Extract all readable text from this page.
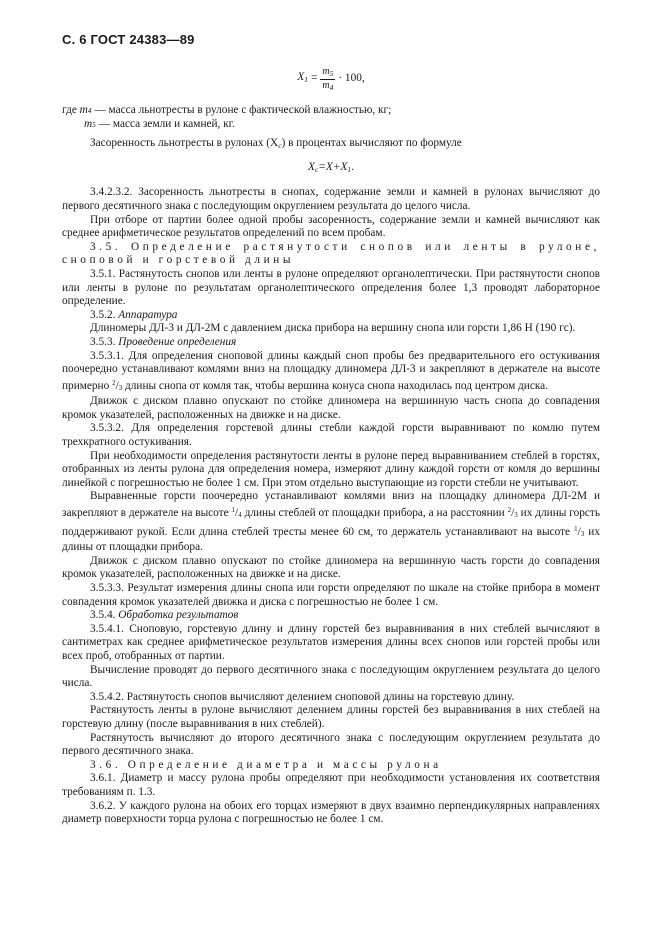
С. 6 ГОСТ 24383—89
$X_1 = \frac{m_5}{m_4} \cdot 100$,
где
m 4
— масса льнотресты в рулоне с фактической влажностью, кг;
m 5
— масса земли и камней, кг.

Засоренность льнотресты в рулонах $(X_с)$ в процентах вычисляют по формуле

$X_с=X+X_1$.

3.4.2.3.2. Засоренность льнотресты в снопах, содержание земли и камней в рулонах вычисляют до первого десятичного знака с последующим округлением результата до целого числа.

При отборе от партии более одной пробы засоренность, содержание земли и камней вычисляют как среднее арифметическое результатов определений по всем пробам.

3.5. Определение растянутости снопов или ленты в рулоне, сноповой и горстевой длины

3.5.1. Растянутость снопов или ленты в рулоне определяют органолептически. При растянутости снопов или ленты в рулоне по результатам органолептического определения более 1,3 проводят лабораторное определение.

3.5.2. Аппаратура

Длиномеры ДЛ-3 и ДЛ-2М с давлением диска прибора на вершину снопа или горсти 1,86 Н (190 гс).

3.5.3. Проведение определения

3.5.3.1. Для определения сноповой длины каждый сноп пробы без предварительного его остукивания поочередно устанавливают комлями вниз на площадку длиномера ДЛ-3 и закрепляют в держателе на высоте примерно $^2/_3$ длины снопа от комля так, чтобы вершина конуса снопа находилась под центром диска.

Движок с диском плавно опускают по стойке длиномера на вершинную часть снопа до совпадения кромок указателей, расположенных на движке и на диске.

3.5.3.2. Для определения горстевой длины стебли каждой горсти выравнивают по комлю путем трехкратного остукивания.

При необходимости определения растянутости ленты в рулоне перед выравниванием стеблей в горстях, отобранных из ленты рулона для определения номера, измеряют длину каждой горсти от комля до вершины линейкой с погрешностью не более 1 см. При этом отдельно выступающие из горсти стебли не учитывают.

Выравненные горсти поочередно устанавливают комлями вниз на площадку длиномера ДЛ-2М и закрепляют в держателе на высоте $^1/_4$ длины стеблей от площадки прибора, а на расстоянии $^2/_3$ их длины горсть поддерживают рукой. Если длина стеблей тресты менее 60 см, то держатель устанавливают на высоте $^1/_3$ их длины от площадки прибора.

Движок с диском плавно опускают по стойке длиномера на вершинную часть горсти до совпадения кромок указателей, расположенных на движке и на диске.

3.5.3.3. Результат измерения длины снопа или горсти определяют по шкале на стойке прибора в момент совпадения кромок указателей движка и диска с погрешностью не более 1 см.

3.5.4. Обработка результатов

3.5.4.1. Сноповую, горстевую длину и длину горстей без выравнивания в них стеблей вычисляют в сантиметрах как среднее арифметическое результатов измерения длины всех снопов или горстей пробы или всех проб, отобранных от партии.

Вычисление проводят до первого десятичного знака с последующим округлением результата до целого числа.

3.5.4.2. Растянутость снопов вычисляют делением сноповой длины на горстевую длину.

Растянутость ленты в рулоне вычисляют делением длины горстей без выравнивания в них стеблей на горстевую длину (после выравнивания в них стеблей).

Растянутость вычисляют до второго десятичного знака с последующим округлением результата до первого десятичного знака.

3.6. Определение диаметра и массы рулона

3.6.1. Диаметр и массу рулона пробы определяют при необходимости установления их соответствия требованиям п. 1.3.

3.6.2. У каждого рулона на обоих его торцах измеряют в двух взаимно перпендикулярных направлениях диаметр поверхности торца рулона с погрешностью не более 1 см.
